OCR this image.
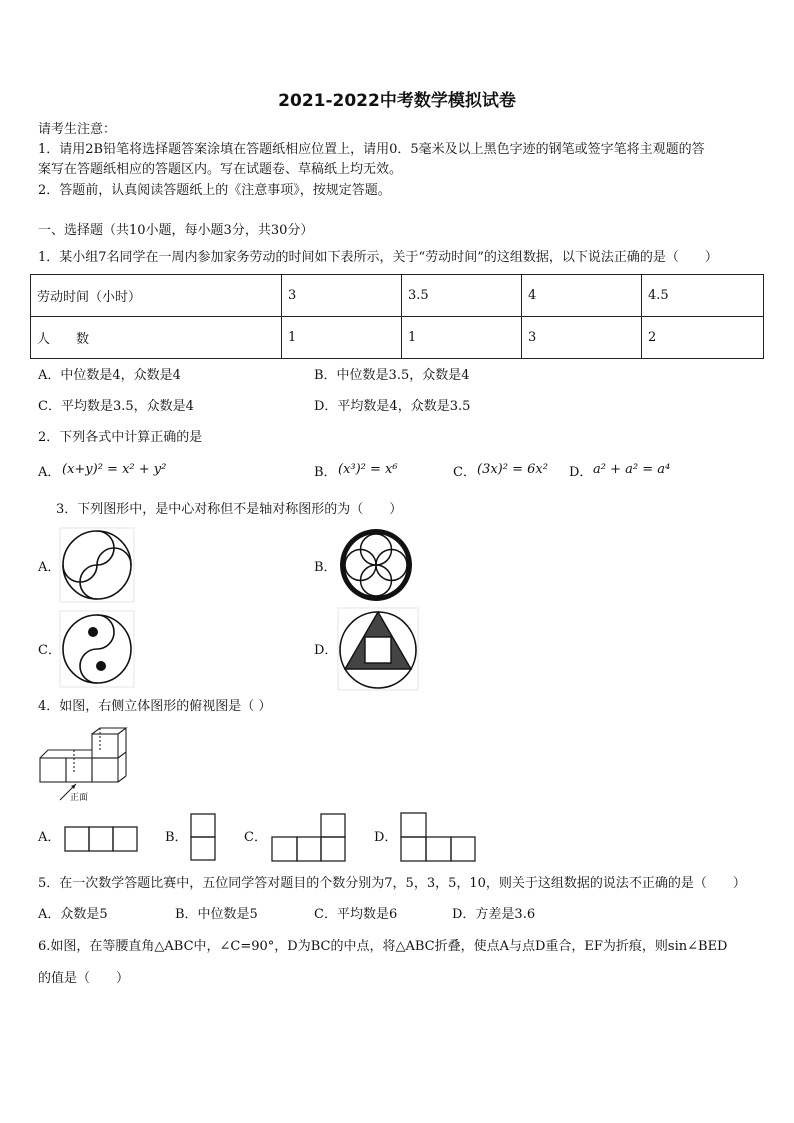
2021-2022中考数学模拟试卷
请考生注意：
1．请用2B铅笔将选择题答案涂填在答题纸相应位置上，请用0．5毫米及以上黑色字迹的钢笔或签字笔将主观题的答
案写在答题纸相应的答题区内。写在试题卷、草稿纸上均无效。
2．答题前，认真阅读答题纸上的《注意事项》，按规定答题。
一、选择题（共10小题，每小题3分，共30分）
1．某小组7名同学在一周内参加家务劳动的时间如下表所示，关于“劳动时间”的这组数据，以下说法正确的是（　　）
劳动时间（小时）	3	3.5	4	4.5
人　　数	1	1	3	2
A．中位数是4，众数是4	B．中位数是3.5，众数是4
C．平均数是3.5，众数是4	D．平均数是4，众数是3.5
2．下列各式中计算正确的是
A． (x+y)² = x² + y²	B． (x³)² = x⁶	C． (3x)² = 6x² D． a² + a² = a⁴
3．下列图形中，是中心对称但不是轴对称图形的为（　　）
A．	B．
C．	D．
4．如图，右侧立体图形的俯视图是（ ）
正面
A．	B．	C．	D．
5．在一次数学答题比赛中，五位同学答对题目的个数分别为7，5，3，5，10，则关于这组数据的说法不正确的是（　　）
A．众数是5	B．中位数是5	C．平均数是6	D．方差是3.6
6.如图，在等腰直角△ABC中，∠C=90°，D为BC的中点，将△ABC折叠，使点A与点D重合，EF为折痕，则sin∠BED
的值是（　　）
